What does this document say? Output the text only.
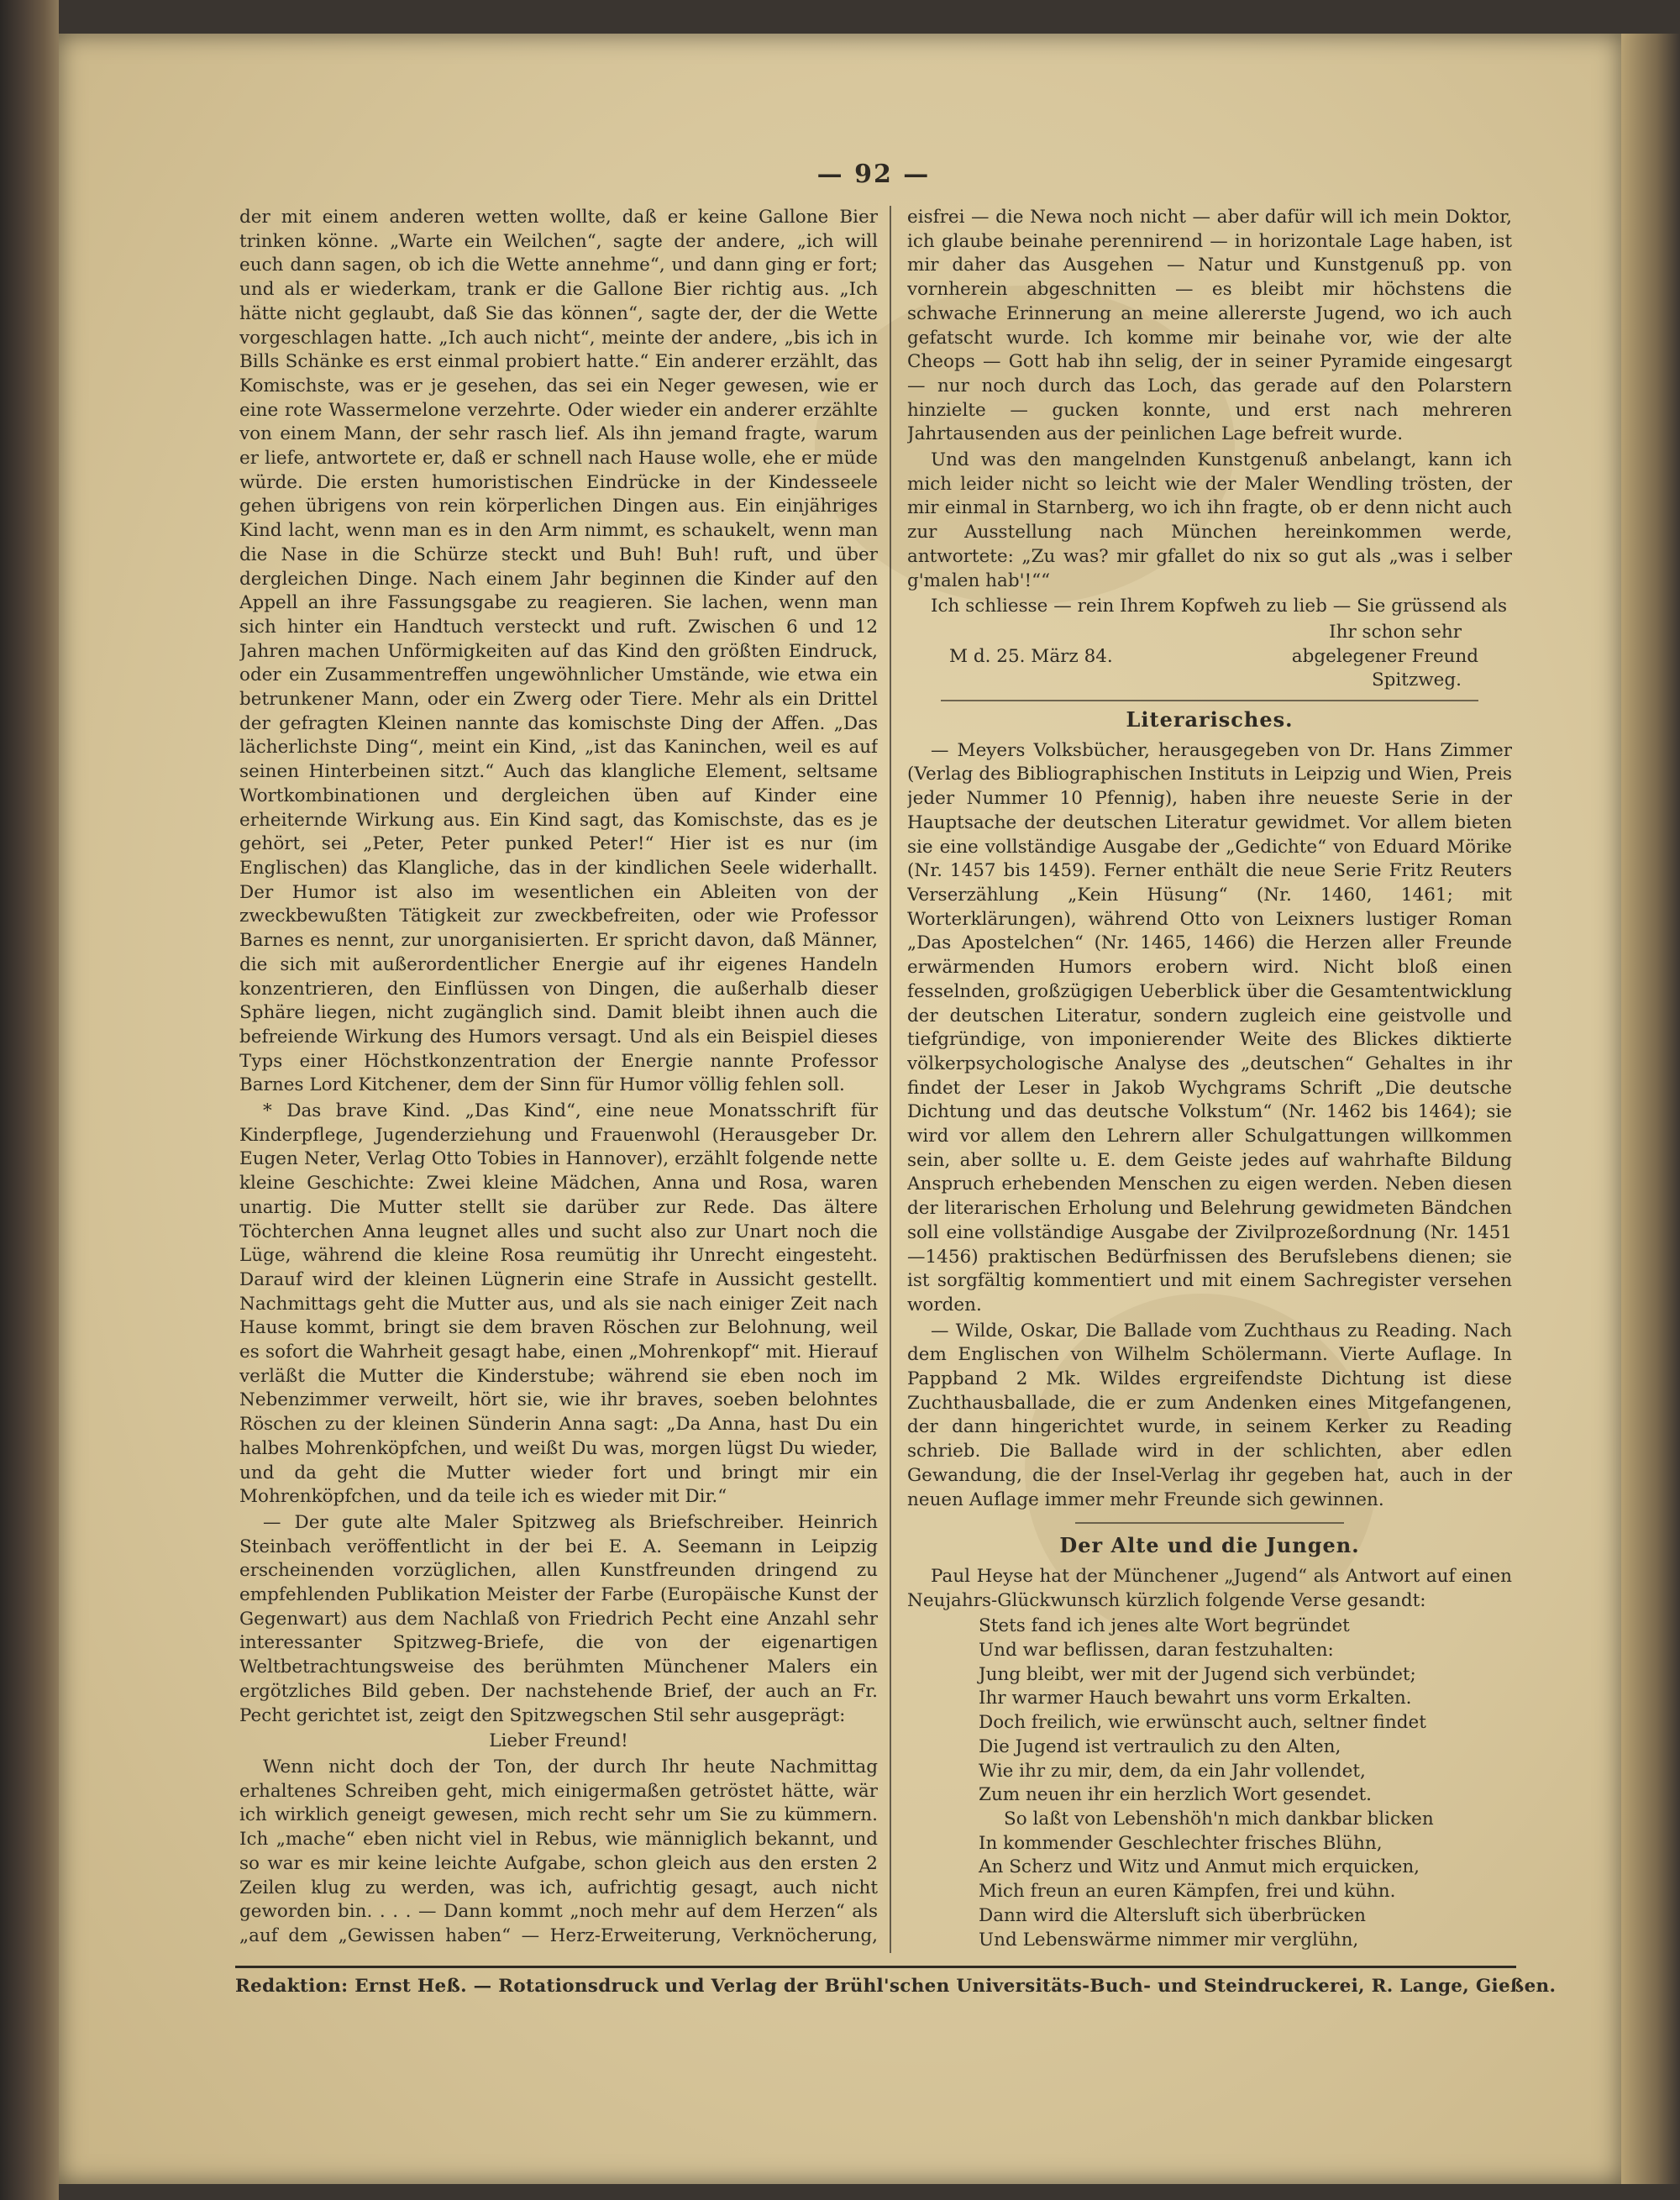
— 92 —

der mit einem anderen wetten wollte, daß er keine Gallone Bier trinken könne. „Warte ein Weilchen“, sagte der andere, „ich will euch dann sagen, ob ich die Wette annehme“, und dann ging er fort; und als er wiederkam, trank er die Gallone Bier richtig aus. „Ich hätte nicht geglaubt, daß Sie das können“, sagte der, der die Wette vorgeschlagen hatte. „Ich auch nicht“, meinte der andere, „bis ich in Bills Schänke es erst einmal probiert hatte.“ Ein anderer erzählt, das Komischste, was er je gesehen, das sei ein Neger gewesen, wie er eine rote Wassermelone verzehrte. Oder wieder ein anderer erzählte von einem Mann, der sehr rasch lief. Als ihn jemand fragte, warum er liefe, antwortete er, daß er schnell nach Hause wolle, ehe er müde würde. Die ersten humoristischen Eindrücke in der Kindesseele gehen übrigens von rein körperlichen Dingen aus. Ein einjähriges Kind lacht, wenn man es in den Arm nimmt, es schaukelt, wenn man die Nase in die Schürze steckt und Buh! Buh! ruft, und über dergleichen Dinge. Nach einem Jahr beginnen die Kinder auf den Appell an ihre Fassungsgabe zu reagieren. Sie lachen, wenn man sich hinter ein Handtuch versteckt und ruft. Zwischen 6 und 12 Jahren machen Unförmigkeiten auf das Kind den größten Eindruck, oder ein Zusammentreffen ungewöhnlicher Umstände, wie etwa ein betrunkener Mann, oder ein Zwerg oder Tiere. Mehr als ein Drittel der gefragten Kleinen nannte das komischste Ding der Affen. „Das lächerlichste Ding“, meint ein Kind, „ist das Kaninchen, weil es auf seinen Hinterbeinen sitzt.“ Auch das klangliche Element, seltsame Wortkombinationen und dergleichen üben auf Kinder eine erheiternde Wirkung aus. Ein Kind sagt, das Komischste, das es je gehört, sei „Peter, Peter punked Peter!“ Hier ist es nur (im Englischen) das Klangliche, das in der kindlichen Seele widerhallt. Der Humor ist also im wesentlichen ein Ableiten von der zweckbewußten Tätigkeit zur zweckbefreiten, oder wie Professor Barnes es nennt, zur unorganisierten. Er spricht davon, daß Männer, die sich mit außerordentlicher Energie auf ihr eigenes Handeln konzentrieren, den Einflüssen von Dingen, die außerhalb dieser Sphäre liegen, nicht zugänglich sind. Damit bleibt ihnen auch die befreiende Wirkung des Humors versagt. Und als ein Beispiel dieses Typs einer Höchstkonzentration der Energie nannte Professor Barnes Lord Kitchener, dem der Sinn für Humor völlig fehlen soll.

* Das brave Kind. „Das Kind“, eine neue Monatsschrift für Kinderpflege, Jugenderziehung und Frauenwohl (Herausgeber Dr. Eugen Neter, Verlag Otto Tobies in Hannover), erzählt folgende nette kleine Geschichte: Zwei kleine Mädchen, Anna und Rosa, waren unartig. Die Mutter stellt sie darüber zur Rede. Das ältere Töchterchen Anna leugnet alles und sucht also zur Unart noch die Lüge, während die kleine Rosa reumütig ihr Unrecht eingesteht. Darauf wird der kleinen Lügnerin eine Strafe in Aussicht gestellt. Nachmittags geht die Mutter aus, und als sie nach einiger Zeit nach Hause kommt, bringt sie dem braven Röschen zur Belohnung, weil es sofort die Wahrheit gesagt habe, einen „Mohrenkopf“ mit. Hierauf verläßt die Mutter die Kinderstube; während sie eben noch im Nebenzimmer verweilt, hört sie, wie ihr braves, soeben belohntes Röschen zu der kleinen Sünderin Anna sagt: „Da Anna, hast Du ein halbes Mohrenköpfchen, und weißt Du was, morgen lügst Du wieder, und da geht die Mutter wieder fort und bringt mir ein Mohrenköpfchen, und da teile ich es wieder mit Dir.“

— Der gute alte Maler Spitzweg als Briefschreiber. Heinrich Steinbach veröffentlicht in der bei E. A. Seemann in Leipzig erscheinenden vorzüglichen, allen Kunstfreunden dringend zu empfehlenden Publikation Meister der Farbe (Europäische Kunst der Gegenwart) aus dem Nachlaß von Friedrich Pecht eine Anzahl sehr interessanter Spitzweg-Briefe, die von der eigenartigen Weltbetrachtungsweise des berühmten Münchener Malers ein ergötzliches Bild geben. Der nachstehende Brief, der auch an Fr. Pecht gerichtet ist, zeigt den Spitzwegschen Stil sehr ausgeprägt:

Lieber Freund!

Wenn nicht doch der Ton, der durch Ihr heute Nachmittag erhaltenes Schreiben geht, mich einigermaßen getröstet hätte, wär ich wirklich geneigt gewesen, mich recht sehr um Sie zu kümmern. Ich „mache“ eben nicht viel in Rebus, wie männiglich bekannt, und so war es mir keine leichte Aufgabe, schon gleich aus den ersten 2 Zeilen klug zu werden, was ich, aufrichtig gesagt, auch nicht geworden bin. . . . — Dann kommt „noch mehr auf dem Herzen“ als „auf dem „Gewissen haben“ — Herz-Erweiterung, Verknöcherung,

eisfrei — die Newa noch nicht — aber dafür will ich mein Doktor, ich glaube beinahe perennirend — in horizontale Lage haben, ist mir daher das Ausgehen — Natur und Kunstgenuß pp. von vornherein abgeschnitten — es bleibt mir höchstens die schwache Erinnerung an meine allererste Jugend, wo ich auch gefatscht wurde. Ich komme mir beinahe vor, wie der alte Cheops — Gott hab ihn selig, der in seiner Pyramide eingesargt — nur noch durch das Loch, das gerade auf den Polarstern hinzielte — gucken konnte, und erst nach mehreren Jahrtausenden aus der peinlichen Lage befreit wurde.

Und was den mangelnden Kunstgenuß anbelangt, kann ich mich leider nicht so leicht wie der Maler Wendling trösten, der mir einmal in Starnberg, wo ich ihn fragte, ob er denn nicht auch zur Ausstellung nach München hereinkommen werde, antwortete: „Zu was? mir gfallet do nix so gut als „was i selber g'malen hab'!““

Ich schliesse — rein Ihrem Kopfweh zu lieb — Sie grüssend als

Ihr schon sehr
M d. 25. März 84.	abgelegener Freund
Spitzweg.
Literarisches.

— Meyers Volksbücher, herausgegeben von Dr. Hans Zimmer (Verlag des Bibliographischen Instituts in Leipzig und Wien, Preis jeder Nummer 10 Pfennig), haben ihre neueste Serie in der Hauptsache der deutschen Literatur gewidmet. Vor allem bieten sie eine vollständige Ausgabe der „Gedichte“ von Eduard Mörike (Nr. 1457 bis 1459). Ferner enthält die neue Serie Fritz Reuters Verserzählung „Kein Hüsung“ (Nr. 1460, 1461; mit Worterklärungen), während Otto von Leixners lustiger Roman „Das Apostelchen“ (Nr. 1465, 1466) die Herzen aller Freunde erwärmenden Humors erobern wird. Nicht bloß einen fesselnden, großzügigen Ueberblick über die Gesamtentwicklung der deutschen Literatur, sondern zugleich eine geistvolle und tiefgründige, von imponierender Weite des Blickes diktierte völkerpsychologische Analyse des „deutschen“ Gehaltes in ihr findet der Leser in Jakob Wychgrams Schrift „Die deutsche Dichtung und das deutsche Volkstum“ (Nr. 1462 bis 1464); sie wird vor allem den Lehrern aller Schulgattungen willkommen sein, aber sollte u. E. dem Geiste jedes auf wahrhafte Bildung Anspruch erhebenden Menschen zu eigen werden. Neben diesen der literarischen Erholung und Belehrung gewidmeten Bändchen soll eine vollständige Ausgabe der Zivilprozeßordnung (Nr. 1451—1456) praktischen Bedürfnissen des Berufslebens dienen; sie ist sorgfältig kommentiert und mit einem Sachregister versehen worden.

— Wilde, Oskar, Die Ballade vom Zuchthaus zu Reading. Nach dem Englischen von Wilhelm Schölermann. Vierte Auflage. In Pappband 2 Mk. Wildes ergreifendste Dichtung ist diese Zuchthausballade, die er zum Andenken eines Mitgefangenen, der dann hingerichtet wurde, in seinem Kerker zu Reading schrieb. Die Ballade wird in der schlichten, aber edlen Gewandung, die der Insel-Verlag ihr gegeben hat, auch in der neuen Auflage immer mehr Freunde sich gewinnen.

Der Alte und die Jungen.

Paul Heyse hat der Münchener „Jugend“ als Antwort auf einen Neujahrs-Glückwunsch kürzlich folgende Verse gesandt:

Stets fand ich jenes alte Wort begründet
Und war beflissen, daran festzuhalten:
Jung bleibt, wer mit der Jugend sich verbündet;
Ihr warmer Hauch bewahrt uns vorm Erkalten.
Doch freilich, wie erwünscht auch, seltner findet
Die Jugend ist vertraulich zu den Alten,
Wie ihr zu mir, dem, da ein Jahr vollendet,
Zum neuen ihr ein herzlich Wort gesendet.
So laßt von Lebenshöh'n mich dankbar blicken
In kommender Geschlechter frisches Blühn,
An Scherz und Witz und Anmut mich erquicken,
Mich freun an euren Kämpfen, frei und kühn.
Dann wird die Altersluft sich überbrücken
Und Lebenswärme nimmer mir verglühn,

Redaktion: Ernst Heß. — Rotationsdruck und Verlag der Brühl'schen Universitäts-Buch- und Steindruckerei, R. Lange, Gießen.
